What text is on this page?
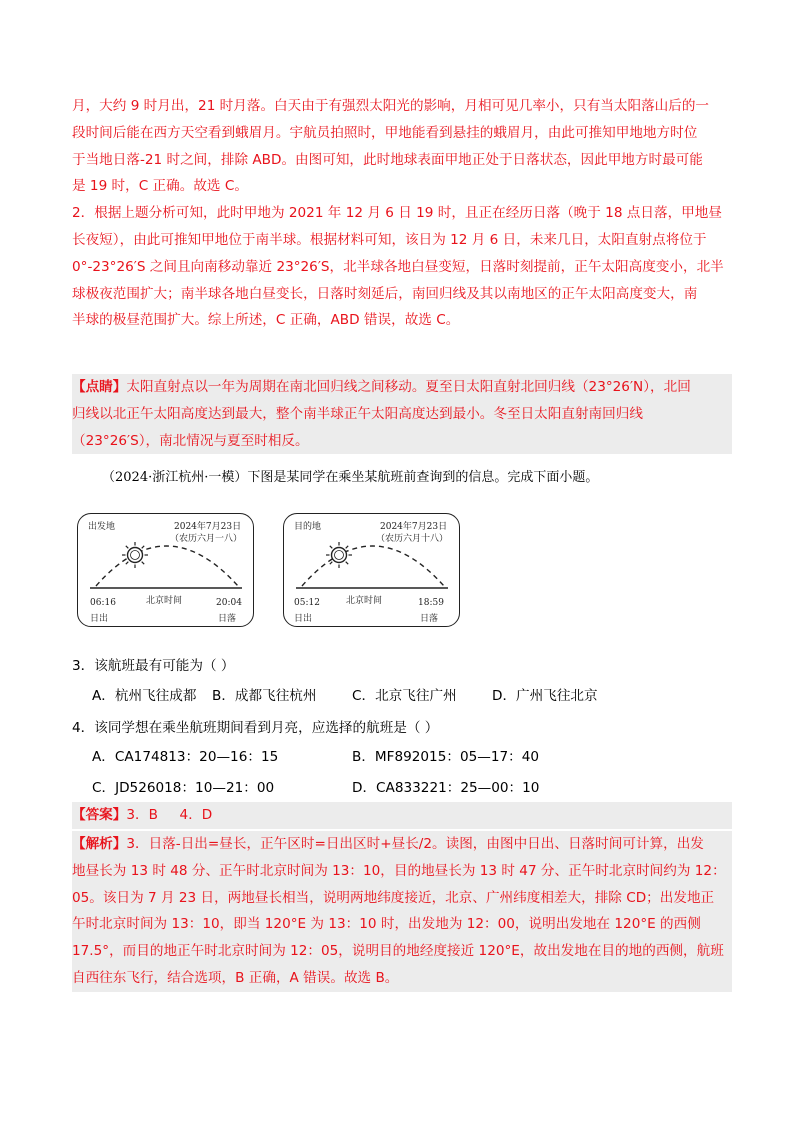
月，大约 9 时月出，21 时月落。白天由于有强烈太阳光的影响，月相可见几率小，只有当太阳落山后的一
段时间后能在西方天空看到蛾眉月。宇航员拍照时，甲地能看到悬挂的蛾眉月，由此可推知甲地地方时位
于当地日落-21 时之间，排除 ABD。由图可知，此时地球表面甲地正处于日落状态，因此甲地方时最可能
是 19 时，C 正确。故选 C。
2．根据上题分析可知，此时甲地为 2021 年 12 月 6 日 19 时，且正在经历日落（晚于 18 点日落，甲地昼
长夜短），由此可推知甲地位于南半球。根据材料可知，该日为 12 月 6 日，未来几日，太阳直射点将位于
0°-23°26′S 之间且向南移动靠近 23°26′S，北半球各地白昼变短，日落时刻提前，正午太阳高度变小，北半
球极夜范围扩大；南半球各地白昼变长，日落时刻延后，南回归线及其以南地区的正午太阳高度变大，南
半球的极昼范围扩大。综上所述，C 正确，ABD 错误，故选 C。
【点睛】太阳直射点以一年为周期在南北回归线之间移动。夏至日太阳直射北回归线（23°26′N），北回
归线以北正午太阳高度达到最大，整个南半球正午太阳高度达到最小。冬至日太阳直射南回归线
（23°26′S），南北情况与夏至时相反。
（2024·浙江杭州·一模）下图是某同学在乘坐某航班前查询到的信息。完成下面小题。
出发地	2024年7月23日
（农历六月一八）
北京时间
06:16	20:04
日出	日落
目的地	2024年7月23日
（农历六月十八）
北京时间
05:12	18:59
日出	日落
3．该航班最有可能为（ ）
A．杭州飞往成都 B．成都飞往杭州	C．北京飞往广州	D．广州飞往北京
4．该同学想在乘坐航班期间看到月亮，应选择的航班是（ ）
A．CA174813：20—16：15	B．MF892015：05—17：40
C．JD526018：10—21：00	D．CA833221：25—00：10
【答案】3．B     4．D
【解析】3．日落-日出=昼长，正午区时=日出区时+昼长/2。读图，由图中日出、日落时间可计算，出发
地昼长为 13 时 48 分、正午时北京时间为 13：10，目的地昼长为 13 时 47 分、正午时北京时间约为 12：
05。该日为 7 月 23 日，两地昼长相当，说明两地纬度接近，北京、广州纬度相差大，排除 CD；出发地正
午时北京时间为 13：10，即当 120°E 为 13：10 时，出发地为 12：00，说明出发地在 120°E 的西侧
17.5°，而目的地正午时北京时间为 12：05，说明目的地经度接近 120°E，故出发地在目的地的西侧，航班
自西往东飞行，结合选项，B 正确，A 错误。故选 B。
